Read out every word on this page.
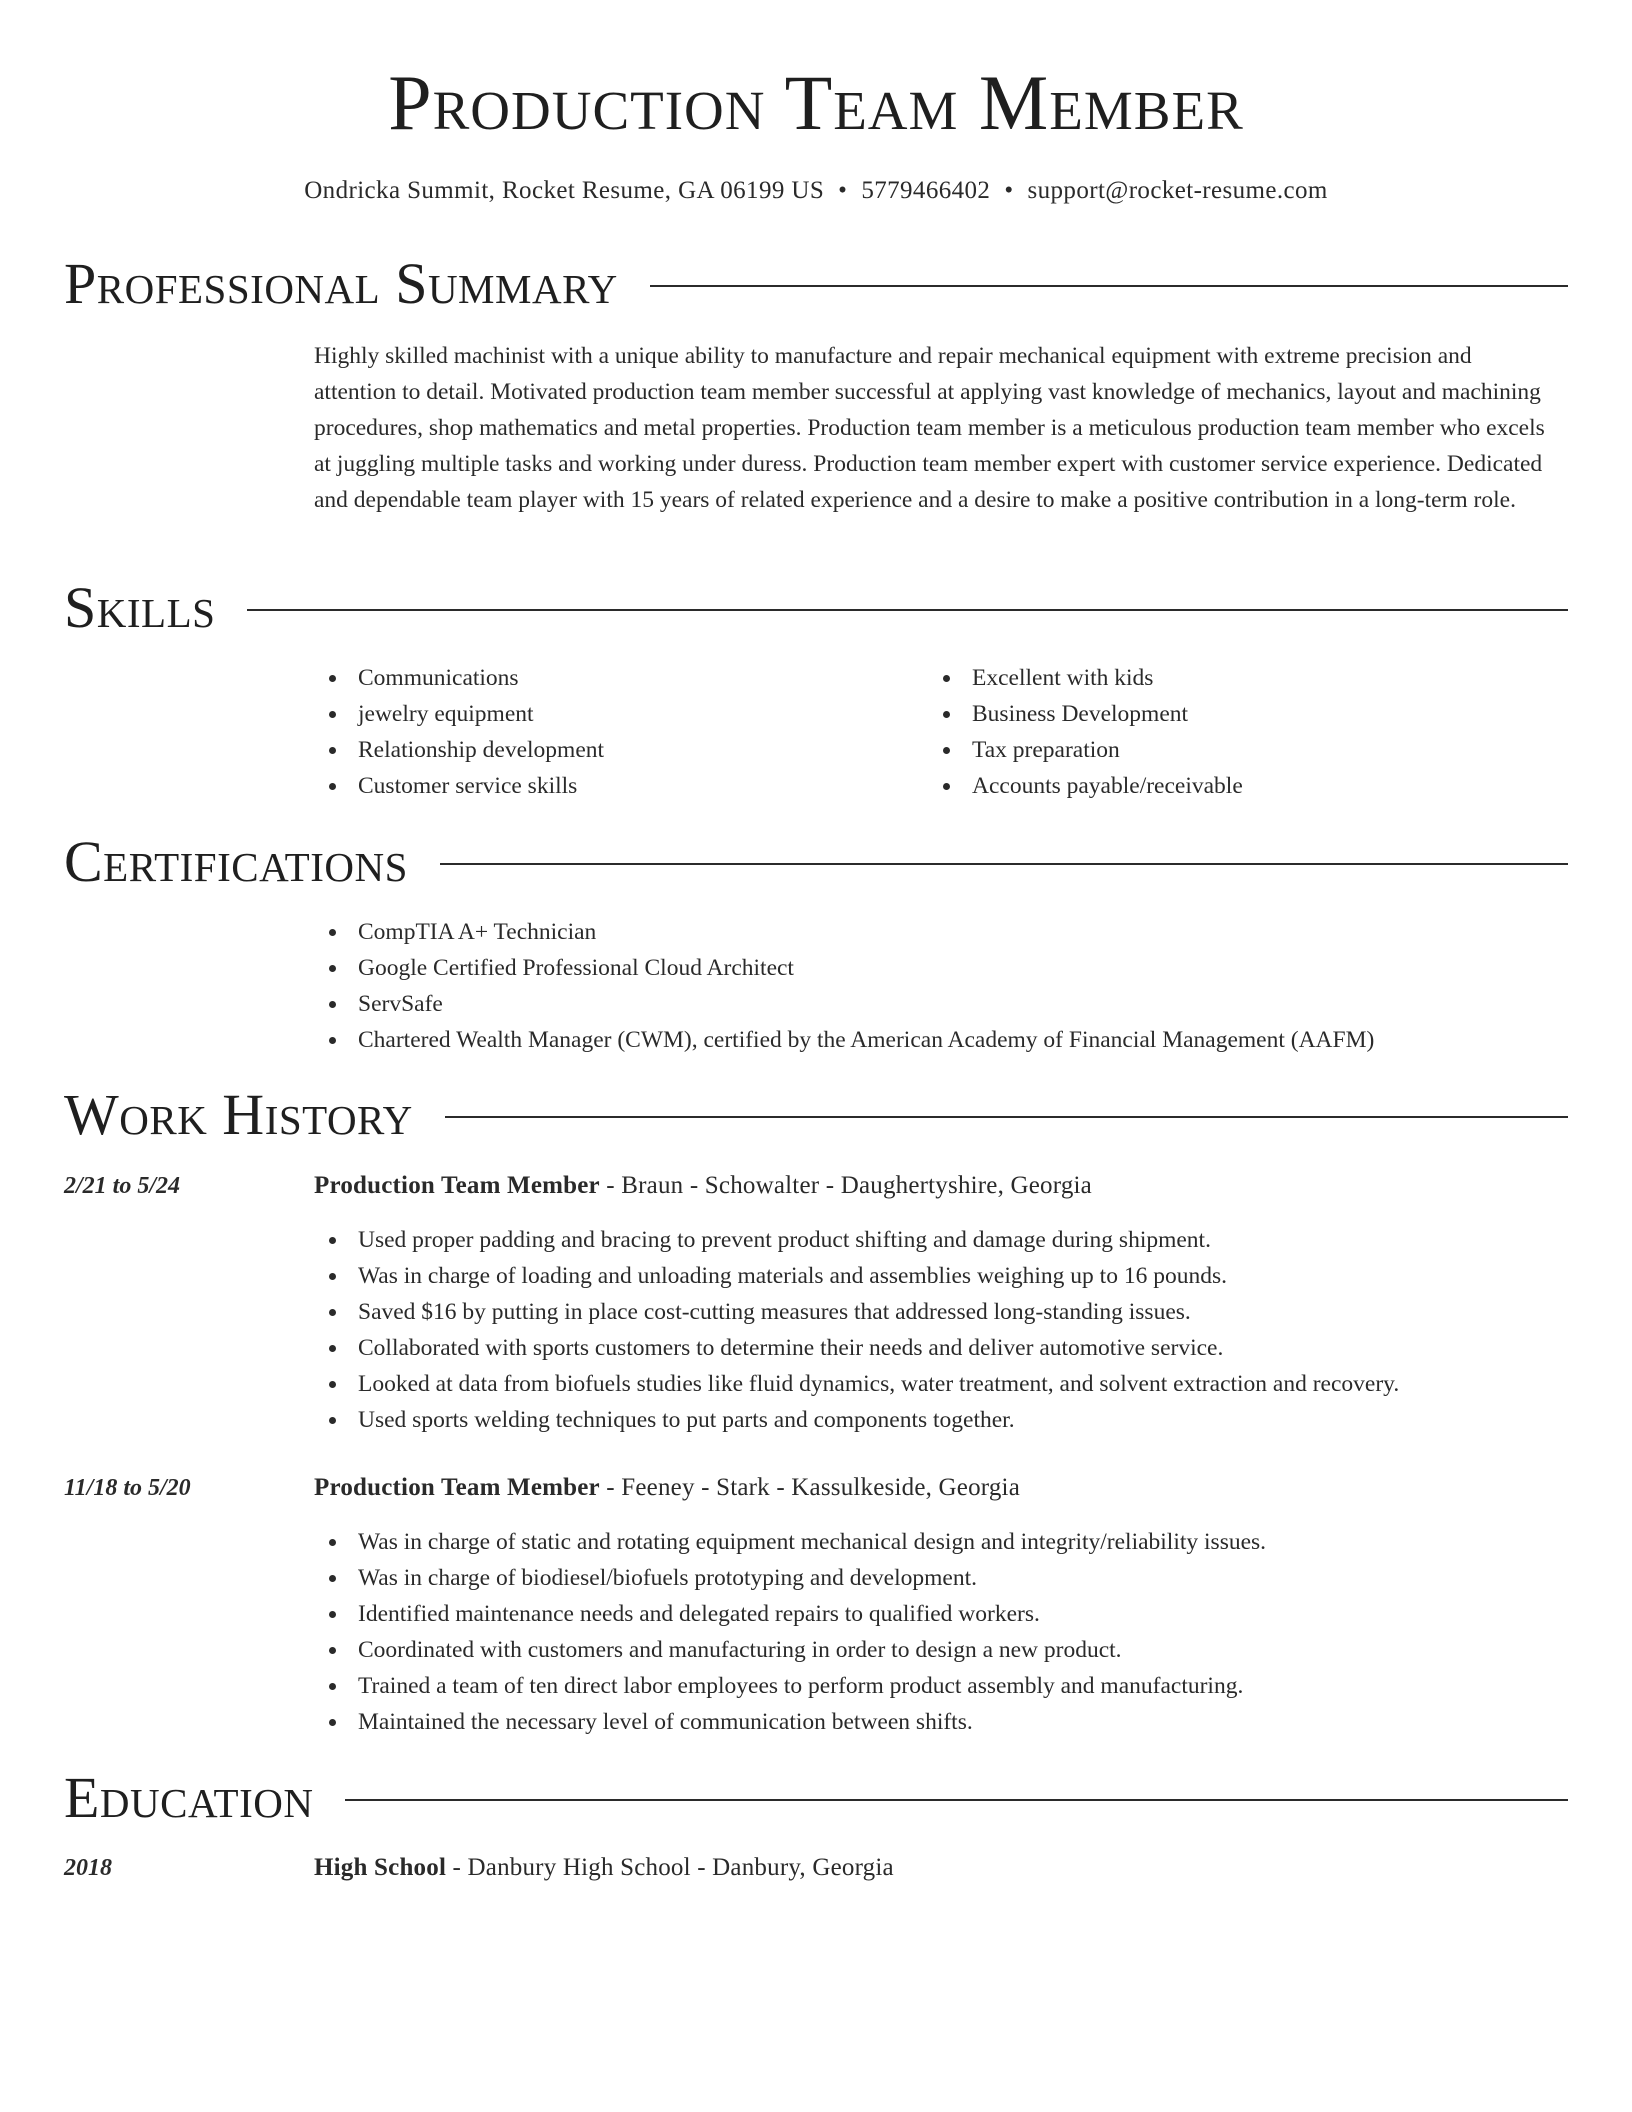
Production Team Member
Ondricka Summit, Rocket Resume, GA 06199 US • 5779466402 • support@rocket-resume.com
Professional Summary
Highly skilled machinist with a unique ability to manufacture and repair mechanical equipment with extreme precision and attention to detail. Motivated production team member successful at applying vast knowledge of mechanics, layout and machining procedures, shop mathematics and metal properties. Production team member is a meticulous production team member who excels at juggling multiple tasks and working under duress. Production team member expert with customer service experience. Dedicated and dependable team player with 15 years of related experience and a desire to make a positive contribution in a long-term role.
Skills
Communications
jewelry equipment
Relationship development
Customer service skills
Excellent with kids
Business Development
Tax preparation
Accounts payable/receivable
Certifications
CompTIA A+ Technician
Google Certified Professional Cloud Architect
ServSafe
Chartered Wealth Manager (CWM), certified by the American Academy of Financial Management (AAFM)
Work History
2/21 to 5/24	Production Team Member - Braun - Schowalter - Daughertyshire, Georgia
Used proper padding and bracing to prevent product shifting and damage during shipment.
Was in charge of loading and unloading materials and assemblies weighing up to 16 pounds.
Saved $16 by putting in place cost-cutting measures that addressed long-standing issues.
Collaborated with sports customers to determine their needs and deliver automotive service.
Looked at data from biofuels studies like fluid dynamics, water treatment, and solvent extraction and recovery.
Used sports welding techniques to put parts and components together.
11/18 to 5/20	Production Team Member - Feeney - Stark - Kassulkeside, Georgia
Was in charge of static and rotating equipment mechanical design and integrity/reliability issues.
Was in charge of biodiesel/biofuels prototyping and development.
Identified maintenance needs and delegated repairs to qualified workers.
Coordinated with customers and manufacturing in order to design a new product.
Trained a team of ten direct labor employees to perform product assembly and manufacturing.
Maintained the necessary level of communication between shifts.
Education
2018	High School - Danbury High School - Danbury, Georgia
